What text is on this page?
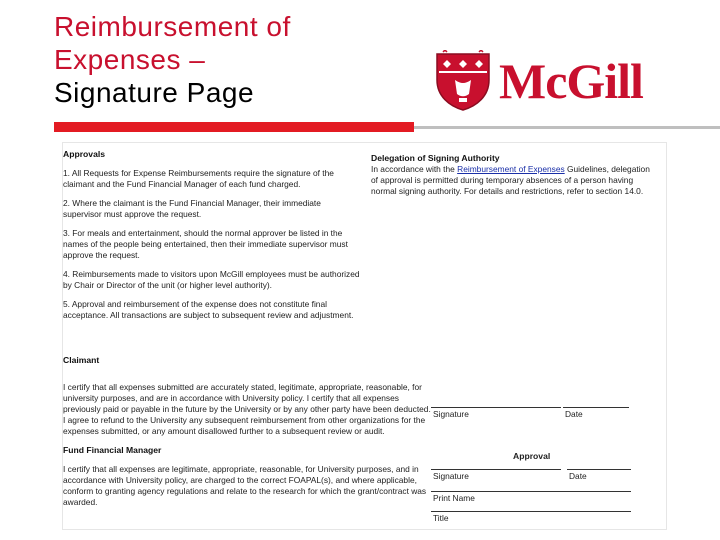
Reimbursement of
Expenses –
Signature Page	McGill
Approvals
1. All Requests for Expense Reimbursements require the signature of the claimant and the Fund Financial Manager of each fund charged.
2. Where the claimant is the Fund Financial Manager, their immediate supervisor must approve the request.
3. For meals and entertainment, should the normal approver be listed in the names of the people being entertained, then their immediate supervisor must approve the request.
4. Reimbursements made to visitors upon McGill employees must be authorized by Chair or Director of the unit (or higher level authority).
5. Approval and reimbursement of the expense does not constitute final acceptance. All transactions are subject to subsequent review and adjustment.
Delegation of Signing Authority
In accordance with the Reimbursement of Expenses Guidelines, delegation of approval is permitted during temporary absences of a person having normal signing authority. For details and restrictions, refer to section 14.0.
Claimant
I certify that all expenses submitted are accurately stated, legitimate, appropriate, reasonable, for university purposes, and are in accordance with University policy. I certify that all expenses previously paid or payable in the future by the University or by any other party have been deducted. I agree to refund to the University any subsequent reimbursement from other organizations for the expenses submitted, or any amount disallowed further to a subsequent review or audit.
Signature	Date
Fund Financial Manager
I certify that all expenses are legitimate, appropriate, reasonable, for University purposes, and in accordance with University policy, are charged to the correct FOAPAL(s), and where applicable, conform to granting agency regulations and relate to the research for which the grant/contract was awarded.
Approval
Signature	Date
Print Name
Title
